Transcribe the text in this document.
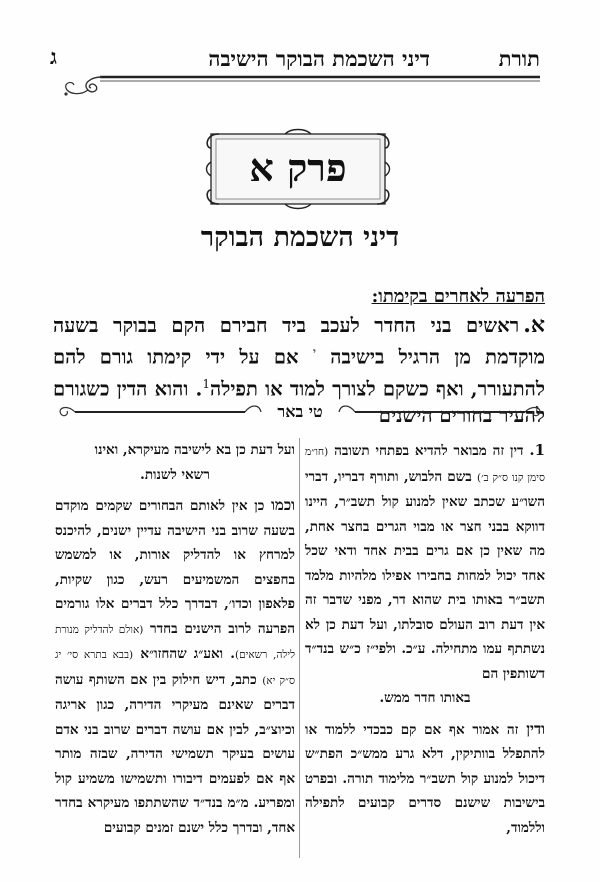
תורת
דיני השכמת הבוקר הישיבה
ג
פרק א
דיני השכמת הבוקר
הפרעה לאחרים בקימתו:
א.ראשים בני החדר לעכב ביד חבירם הקם בבוקר בשעה מוקדמת מן הרגיל בישיבה $^י$ אם על ידי קימתו גורם להם להתעורר, ואף כשקם לצורך למוד או תפילה$^1$. והוא הדין כשגורם להעיר בחורים הישנים
טי באר

1. דין זה מבואר להדיא בפתחי תשובה (חו״מ סימן קנו ס״ק ב׳) בשם הלבוש, ותורף דבריו, דברי השו״ע שכתב שאין למנוע קול תשב״ר, היינו דווקא בבני חצר או מבוי הגרים בחצר אחת, מה שאין כן אם גרים בבית אחד ודאי שכל אחד יכול למחות בחבירו אפילו מלהיות מלמד תשב״ר באותו בית שהוא דר, מפני שדבר זה אין דעת רוב העולם סובלתו, ועל דעת כן לא נשתתף עמו מתחילה. ע״כ. ולפי״ז כ״ש בנד״ד דשותפין הם

באותו חדר ממש.

ודין זה אמור אף אם קם כבכדי ללמוד או להתפלל בוותיקין, דלא גרע ממש״כ הפת״ש דיכול למנוע קול תשב״ר מלימוד תורה. ובפרט בישיבות שישנם סדרים קבועים לתפילה וללמוד,

ועל דעת כן בא לישיבה מעיקרא, ואינו

רשאי לשנות.

וכמו כן אין לאותם הבחורים שקמים מוקדם בשעה שרוב בני הישיבה עדיין ישנים, להיכנס למרחץ או להדליק אורות, או למשמש בחפצים המשמיעים רעש, כגון שקיות, פלאפון וכדו׳, דבדרך כלל דברים אלו גורמים הפרעה לרוב הישנים בחדר (אולם להדליק מנורת לילה, רשאים). ואע״ג שהחזו״א (בבא בתרא סי׳ יג ס״ק יא) כתב, דיש חילוק בין אם השותף עושה דברים שאינם מעיקרי הדירה, כגון אריגה וכיוצ״ב, לבין אם עושה דברים שרוב בני אדם עושים בעיקר תשמישי הדירה, שבזה מותר אף אם לפעמים דיבורו ותשמישו משמיע קול ומפריע. מ״מ בנד״ד שהשתתפו מעיקרא בחדר אחד, ובדרך כלל ישנם זמנים קבועים
